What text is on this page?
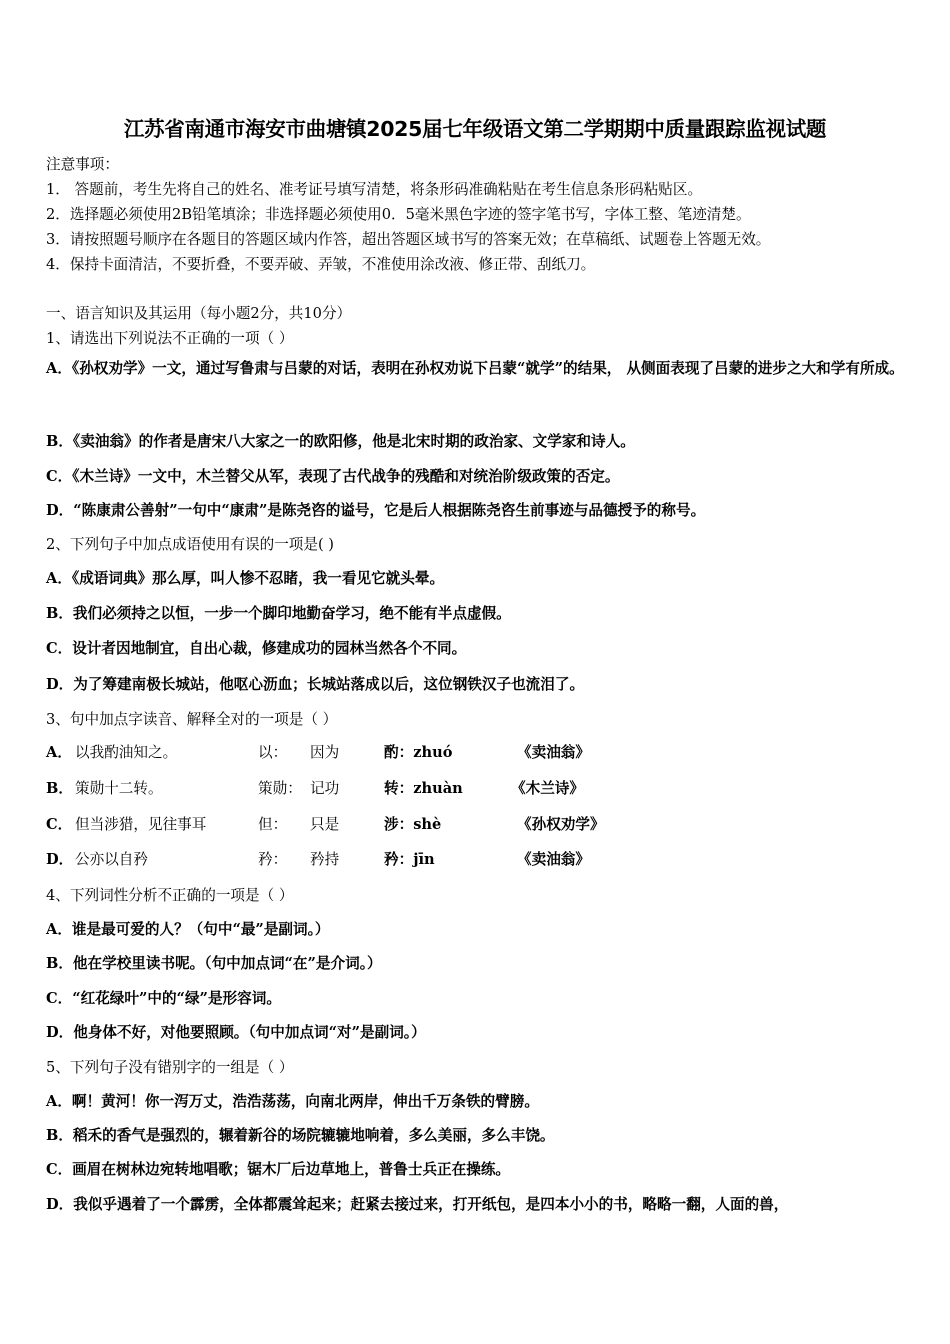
江苏省南通市海安市曲塘镇2025届七年级语文第二学期期中质量跟踪监视试题
注意事项：
1． 答题前，考生先将自己的姓名、准考证号填写清楚，将条形码准确粘贴在考生信息条形码粘贴区。
2．选择题必须使用2B铅笔填涂；非选择题必须使用0．5毫米黑色字迹的签字笔书写，字体工整、笔迹清楚。
3．请按照题号顺序在各题目的答题区域内作答，超出答题区域书写的答案无效；在草稿纸、试题卷上答题无效。
4．保持卡面清洁，不要折叠，不要弄破、弄皱，不准使用涂改液、修正带、刮纸刀。
一、语言知识及其运用（每小题2分，共10分）
1、请选出下列说法不正确的一项（ ）
A．《孙权劝学》一文，通过写鲁肃与吕蒙的对话，表明在孙权劝说下吕蒙“就学”的结果， 从侧面表现了吕蒙的进步之大和学有所成。
B．《卖油翁》的作者是唐宋八大家之一的欧阳修，他是北宋时期的政治家、文学家和诗人。
C．《木兰诗》一文中，木兰替父从军，表现了古代战争的残酷和对统治阶级政策的否定。
D．“陈康肃公善射”一句中“康肃”是陈尧咨的谥号，它是后人根据陈尧咨生前事迹与品德授予的称号。
2、下列句子中加点成语使用有误的一项是( )
A．《成语词典》那么厚，叫人惨不忍睹，我一看见它就头晕。
B．我们必须持之以恒，一步一个脚印地勤奋学习，绝不能有半点虚假。
C．设计者因地制宜，自出心裁，修建成功的园林当然各个不同。
D．为了筹建南极长城站，他呕心沥血；长城站落成以后，这位钢铁汉子也流泪了。
3、句中加点字读音、解释全对的一项是（ ）
A． 以我酌油知之。	以： 因为	酌：zhuó	《卖油翁》
B． 策勋十二转。	策勋： 记功	转：zhuàn	《木兰诗》
C． 但当涉猎，见往事耳	但： 只是	涉：shè	《孙权劝学》
D． 公亦以自矜	矜： 矜持	矜：jīn	《卖油翁》
4、下列词性分析不正确的一项是（ ）
A．谁是最可爱的人？（句中“最”是副词。）
B．他在学校里读书呢。（句中加点词“在”是介词。）
C．“红花绿叶”中的“绿”是形容词。
D．他身体不好，对他要照顾。（句中加点词“对”是副词。）
5、下列句子没有错别字的一组是（ ）
A．啊！黄河！你一泻万丈，浩浩荡荡，向南北两岸，伸出千万条铁的臂膀。
B．稻禾的香气是强烈的，辗着新谷的场院辘辘地响着，多么美丽，多么丰饶。
C．画眉在树林边宛转地唱歌；锯木厂后边草地上，普鲁士兵正在操练。
D．我似乎遇着了一个霹雳，全体都震耸起来；赶紧去接过来，打开纸包，是四本小小的书，略略一翻，人面的兽，
